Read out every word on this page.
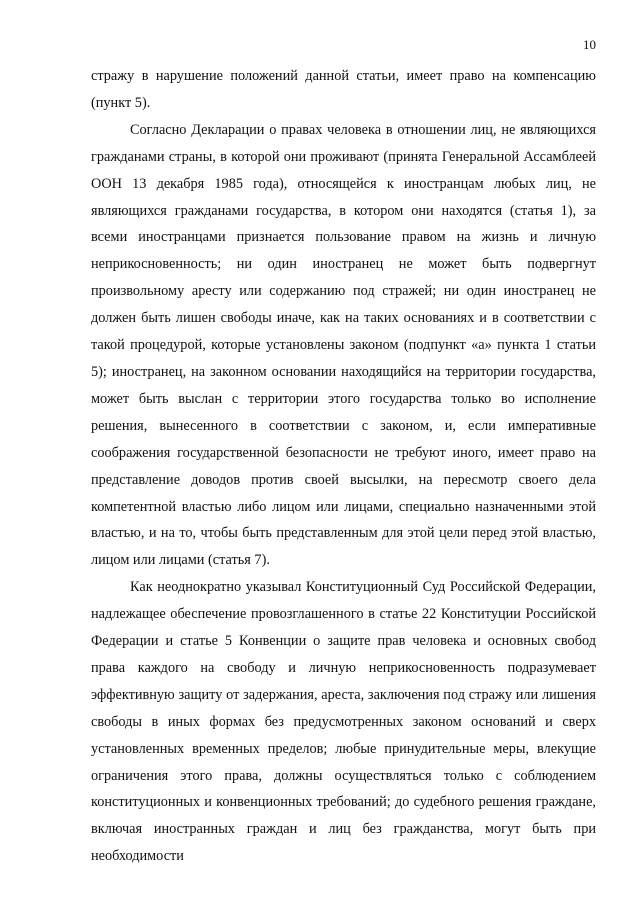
10

стражу в нарушение положений данной статьи, имеет право на компенсацию (пункт 5).

Согласно Декларации о правах человека в отношении лиц, не являющихся гражданами страны, в которой они проживают (принята Генеральной Ассамблеей ООН 13 декабря 1985 года), относящейся к иностранцам любых лиц, не являющихся гражданами государства, в котором они находятся (статья 1), за всеми иностранцами признается пользование правом на жизнь и личную неприкосновенность; ни один иностранец не может быть подвергнут произвольному аресту или содержанию под стражей; ни один иностранец не должен быть лишен свободы иначе, как на таких основаниях и в соответствии с такой процедурой, которые установлены законом (подпункт «а» пункта 1 статьи 5); иностранец, на законном основании находящийся на территории государства, может быть выслан с территории этого государства только во исполнение решения, вынесенного в соответствии с законом, и, если императивные соображения государственной безопасности не требуют иного, имеет право на представление доводов против своей высылки, на пересмотр своего дела компетентной властью либо лицом или лицами, специально назначенными этой властью, и на то, чтобы быть представленным для этой цели перед этой властью, лицом или лицами (статья 7).

Как неоднократно указывал Конституционный Суд Российской Федерации, надлежащее обеспечение провозглашенного в статье 22 Конституции Российской Федерации и статье 5 Конвенции о защите прав человека и основных свобод права каждого на свободу и личную неприкосновенность подразумевает эффективную защиту от задержания, ареста, заключения под стражу или лишения свободы в иных формах без предусмотренных законом оснований и сверх установленных временных пределов; любые принудительные меры, влекущие ограничения этого права, должны осуществляться только с соблюдением конституционных и конвенционных требований; до судебного решения граждане, включая иностранных граждан и лиц без гражданства, могут быть при необходимости
